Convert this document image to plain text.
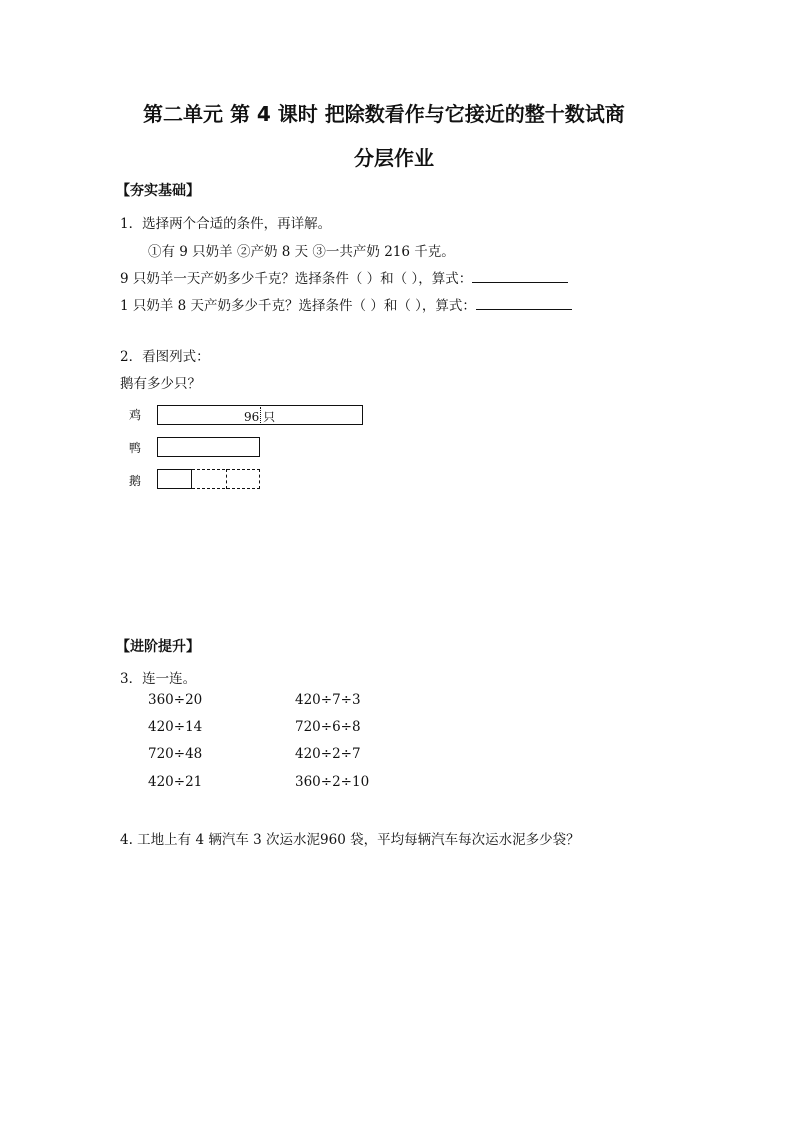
第二单元 第 4 课时 把除数看作与它接近的整十数试商
分层作业
【夯实基础】
1．选择两个合适的条件，再详解。
①有 9 只奶羊 ②产奶 8 天 ③一共产奶 216 千克。
9 只奶羊一天产奶多少千克？选择条件（ ）和（ ），算式：
1 只奶羊 8 天产奶多少千克？选择条件（ ）和（ ），算式：
2．看图列式：
鹅有多少只？
鸡
鸭
鹅
96 只
【进阶提升】
3．连一连。
360÷20
420÷14
720÷48
420÷21
420÷7÷3
720÷6÷8
420÷2÷7
360÷2÷10
4. 工地上有 4 辆汽车 3 次运水泥960 袋，平均每辆汽车每次运水泥多少袋？
